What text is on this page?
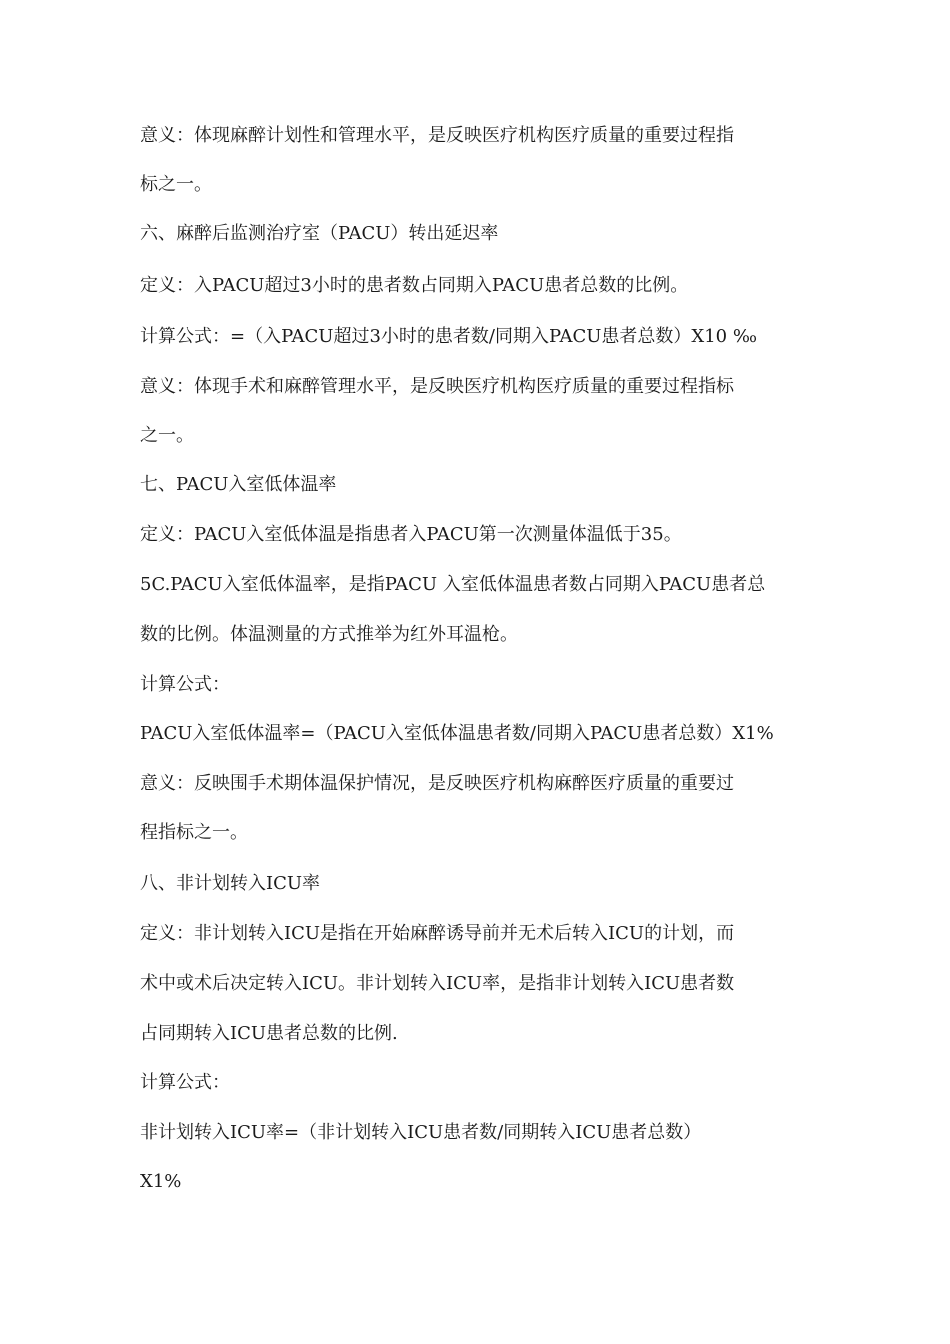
意义：体现麻醉计划性和管理水平，是反映医疗机构医疗质量的重要过程指
标之一。
六、麻醉后监测治疗室（PACU）转出延迟率
定义：入PACU超过3小时的患者数占同期入PACU患者总数的比例。
计算公式：=（入PACU超过3小时的患者数/同期入PACU患者总数）X10 ‰
意义：体现手术和麻醉管理水平，是反映医疗机构医疗质量的重要过程指标
之一。
七、PACU入室低体温率
定义：PACU入室低体温是指患者入PACU第一次测量体温低于35。
5C.PACU入室低体温率，是指PACU 入室低体温患者数占同期入PACU患者总
数的比例。体温测量的方式推举为红外耳温枪。
计算公式：
PACU入室低体温率=（PACU入室低体温患者数/同期入PACU患者总数）X1%
意义：反映围手术期体温保护情况，是反映医疗机构麻醉医疗质量的重要过
程指标之一。
八、非计划转入ICU率
定义：非计划转入ICU是指在开始麻醉诱导前并无术后转入ICU的计划，而
术中或术后决定转入ICU。非计划转入ICU率，是指非计划转入ICU患者数
占同期转入ICU患者总数的比例.
计算公式：
非计划转入ICU率=（非计划转入ICU患者数/同期转入ICU患者总数）
X1%
